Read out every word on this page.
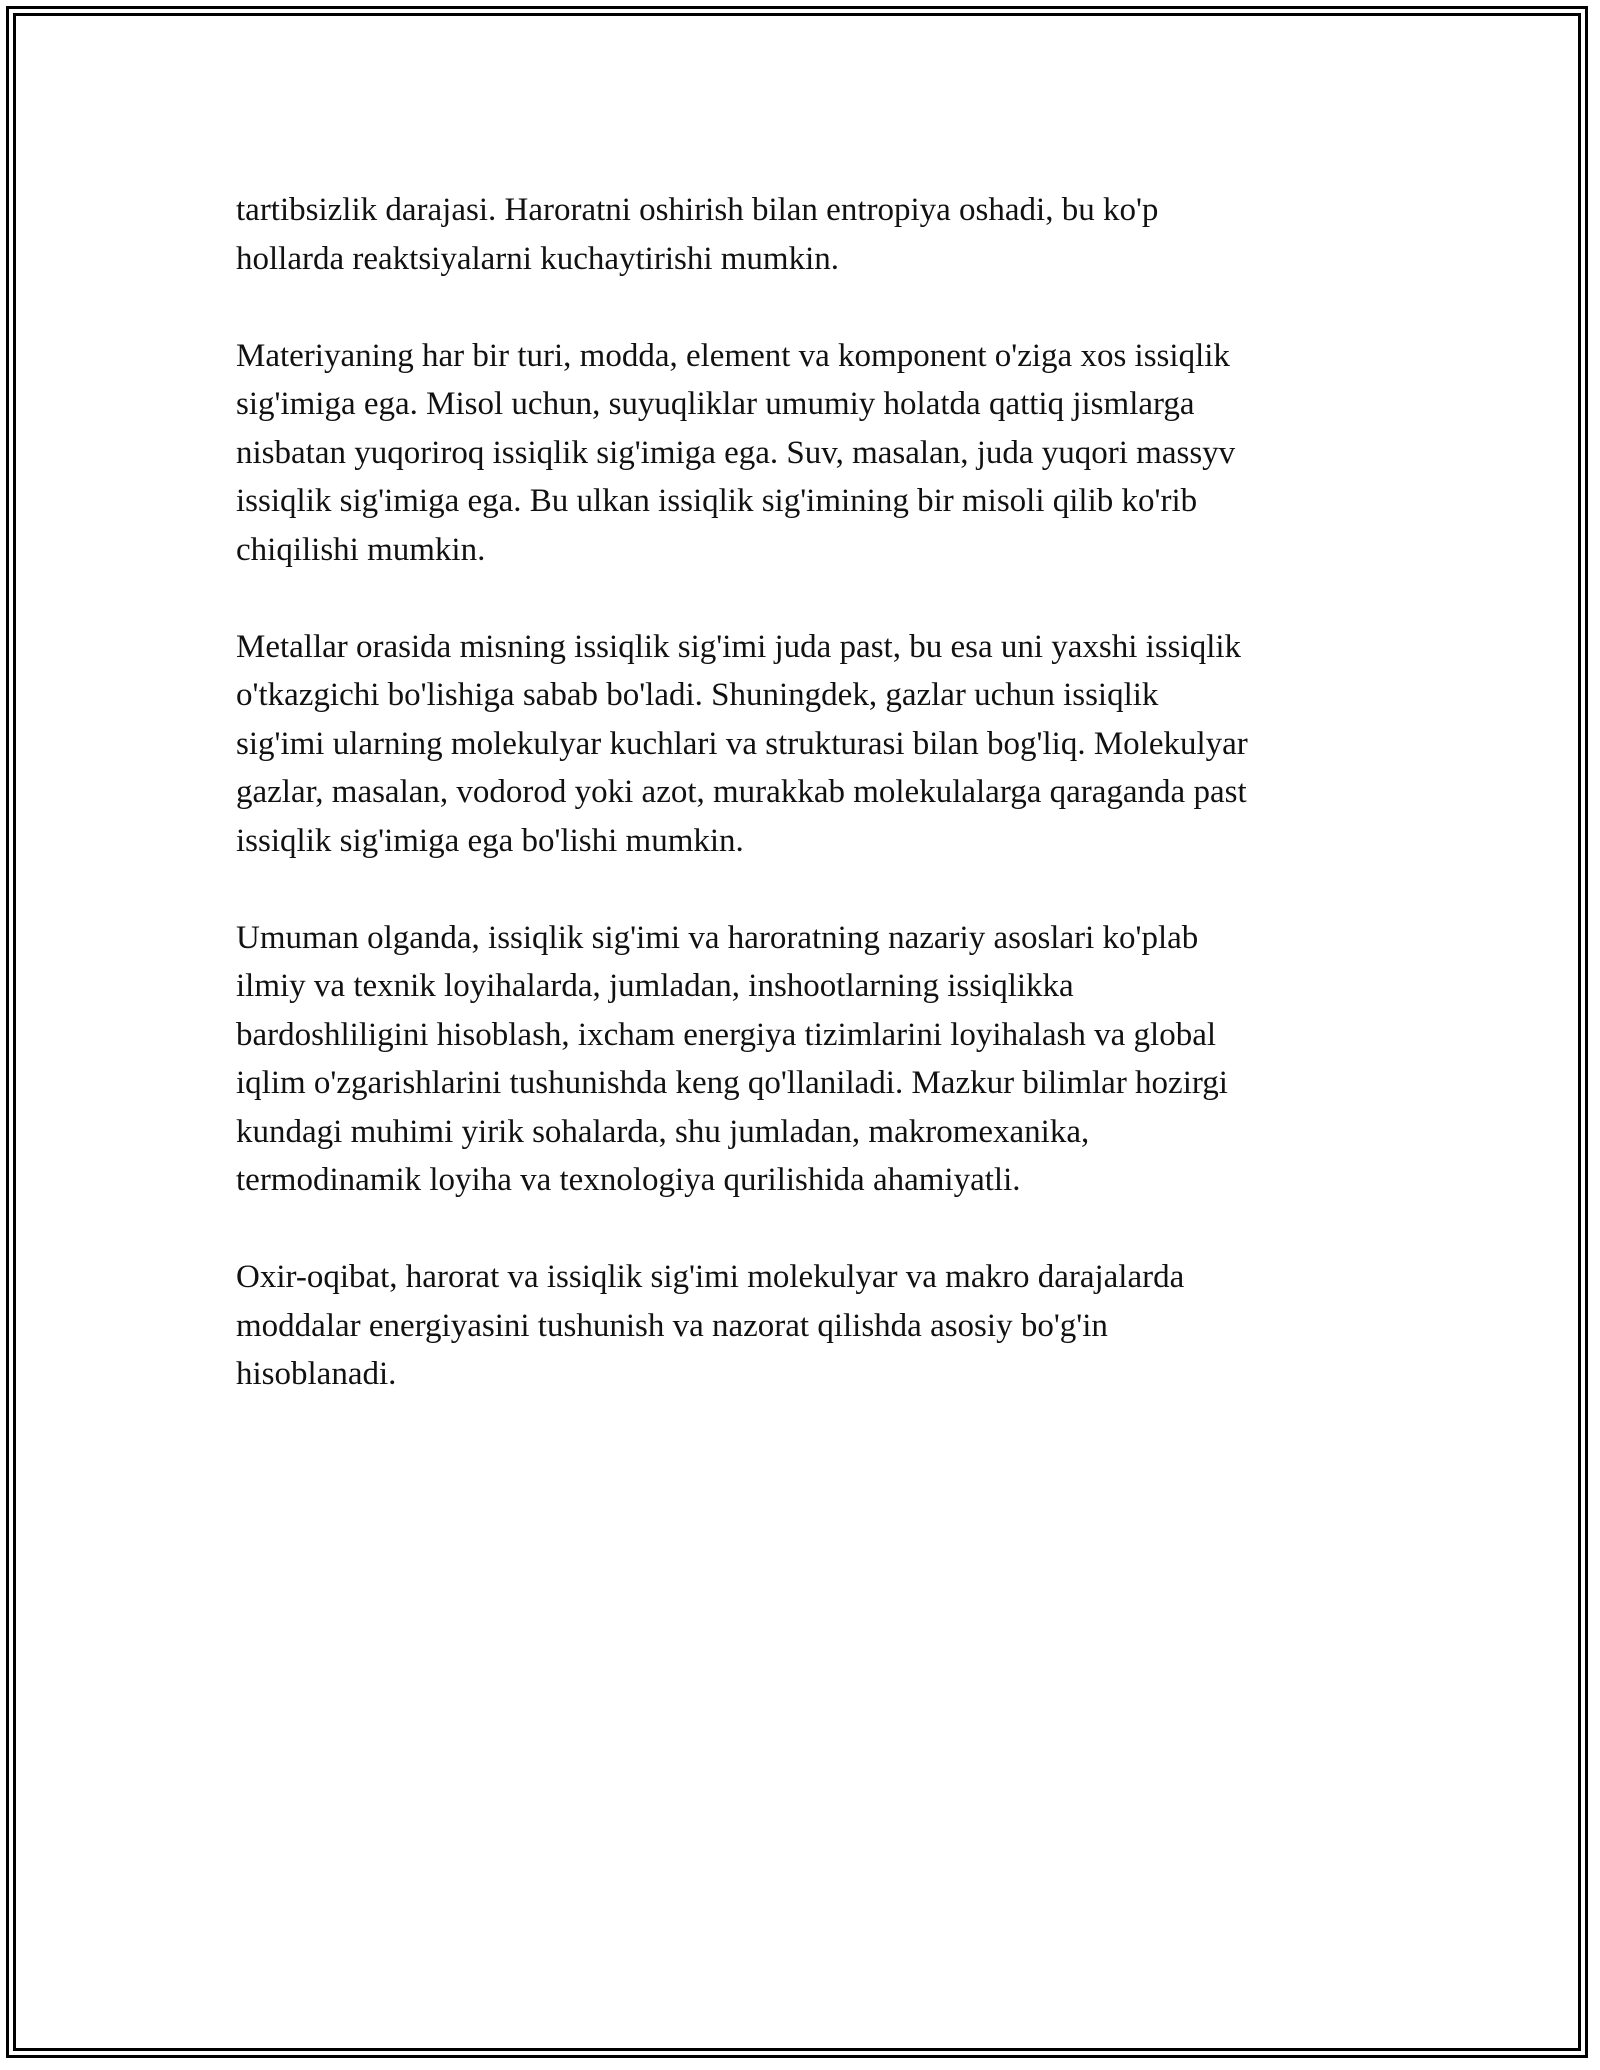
tartibsizlik darajasi. Haroratni oshirish bilan entropiya oshadi, bu ko'p
hollarda reaktsiyalarni kuchaytirishi mumkin.

Materiyaning har bir turi, modda, element va komponent o'ziga xos issiqlik
sig'imiga ega. Misol uchun, suyuqliklar umumiy holatda qattiq jismlarga
nisbatan yuqoriroq issiqlik sig'imiga ega. Suv, masalan, juda yuqori massyv
issiqlik sig'imiga ega. Bu ulkan issiqlik sig'imining bir misoli qilib ko'rib
chiqilishi mumkin.

Metallar orasida misning issiqlik sig'imi juda past, bu esa uni yaxshi issiqlik
o'tkazgichi bo'lishiga sabab bo'ladi. Shuningdek, gazlar uchun issiqlik
sig'imi ularning molekulyar kuchlari va strukturasi bilan bog'liq. Molekulyar
gazlar, masalan, vodorod yoki azot, murakkab molekulalarga qaraganda past
issiqlik sig'imiga ega bo'lishi mumkin.

Umuman olganda, issiqlik sig'imi va haroratning nazariy asoslari ko'plab
ilmiy va texnik loyihalarda, jumladan, inshootlarning issiqlikka
bardoshliligini hisoblash, ixcham energiya tizimlarini loyihalash va global
iqlim o'zgarishlarini tushunishda keng qo'llaniladi. Mazkur bilimlar hozirgi
kundagi muhimi yirik sohalarda, shu jumladan, makromexanika,
termodinamik loyiha va texnologiya qurilishida ahamiyatli.

Oxir-oqibat, harorat va issiqlik sig'imi molekulyar va makro darajalarda
moddalar energiyasini tushunish va nazorat qilishda asosiy bo'g'in
hisoblanadi.
